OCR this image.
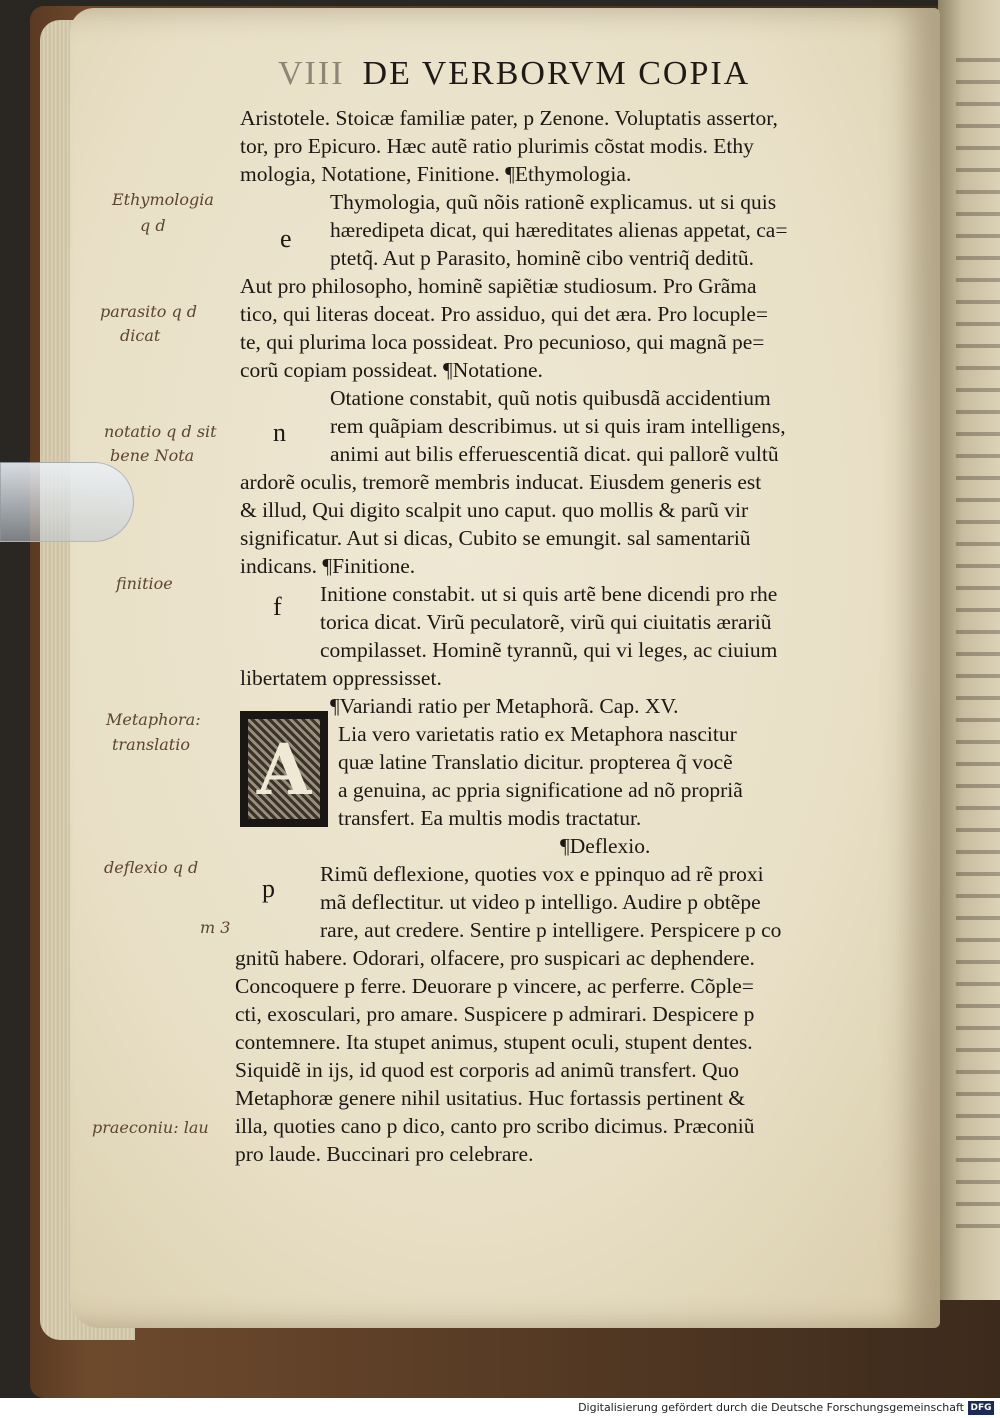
VIII DE VERBORVM COPIA
Aristotele. Stoicæ familiæ pater, p Zenone. Voluptatis assertor,
tor, pro Epicuro. Hæc autẽ ratio plurimis cõstat modis. Ethy
mologia, Notatione, Finitione. ¶Ethymologia.
Thymologia, quũ nõis rationẽ explicamus. ut si quis
hæredipeta dicat, qui hæreditates alienas appetat, ca=
ptetq̃. Aut p Parasito, hominẽ cibo ventriq̃ deditũ.
Aut pro philosopho, hominẽ sapiẽtiæ studiosum. Pro Grãma
tico, qui literas doceat. Pro assiduo, qui det æra. Pro locuple=
te, qui plurima loca possideat. Pro pecunioso, qui magnã pe=
corũ copiam possideat. ¶Notatione.
Otatione constabit, quũ notis quibusdã accidentium
rem quãpiam describimus. ut si quis iram intelligens,
animi aut bilis efferuescentiã dicat. qui pallorẽ vultũ
ardorẽ oculis, tremorẽ membris inducat. Eiusdem generis est
& illud, Qui digito scalpit uno caput. quo mollis & parũ vir
significatur. Aut si dicas, Cubito se emungit. sal samentariũ
indicans. ¶Finitione.
Initione constabit. ut si quis artẽ bene dicendi pro rhe
torica dicat. Virũ peculatorẽ, virũ qui ciuitatis ærariũ
compilasset. Hominẽ tyrannũ, qui vi leges, ac ciuium
libertatem oppressisset.
¶Variandi ratio per Metaphorã. Cap. XV.
Lia vero varietatis ratio ex Metaphora nascitur
quæ latine Translatio dicitur. propterea q̃ vocẽ
a genuina, ac ppria significatione ad nõ propriã
transfert. Ea multis modis tractatur.
¶Deflexio.
Rimũ deflexione, quoties vox e ppinquo ad rẽ proxi
mã deflectitur. ut video p intelligo. Audire p obtẽpe
rare, aut credere. Sentire p intelligere. Perspicere p co
gnitũ habere. Odorari, olfacere, pro suspicari ac dephendere.
Concoquere p ferre. Deuorare p vincere, ac perferre. Cõple=
cti, exosculari, pro amare. Suspicere p admirari. Despicere p
contemnere. Ita stupet animus, stupent oculi, stupent dentes.
Siquidẽ in ijs, id quod est corporis ad animũ transfert. Quo
Metaphoræ genere nihil usitatius. Huc fortassis pertinent &
illa, quoties cano p dico, canto pro scribo dicimus. Præconiũ
pro laude. Buccinari pro celebrare.
e
n
f
p
A
Ethymologia
q d
parasito q d
dicat
notatio q d sit
bene Nota
finitioe
Metaphora:
translatio
deflexio q d
m 3
praeconiu: lau
Digitalisierung gefördert durch die Deutsche Forschungsgemeinschaft DFG
